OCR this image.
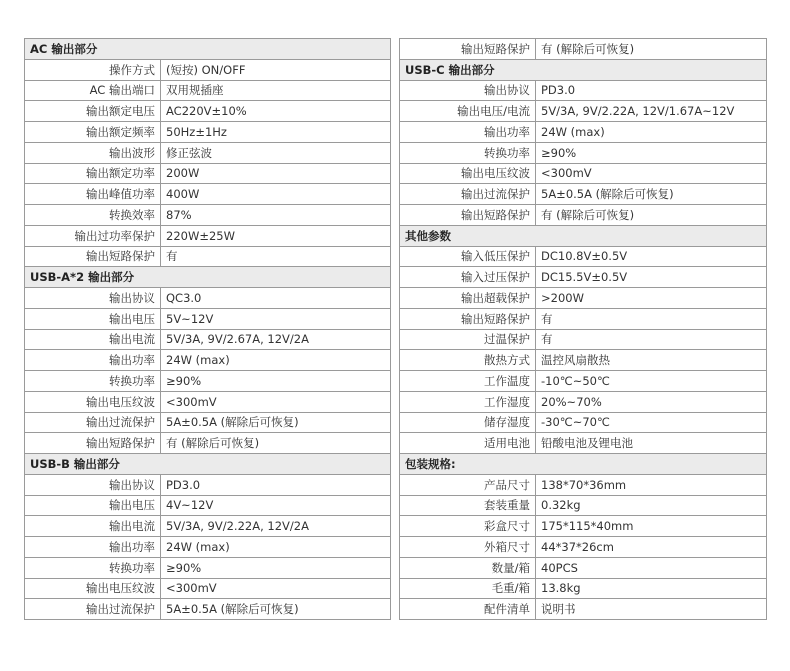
AC 输出部分	
操作方式	(短按) ON/OFF
AC 输出端口	双用规插座
输出额定电压	AC220V±10%
输出额定频率	50Hz±1Hz
输出波形	修正弦波
输出额定功率	200W
输出峰值功率	400W
转换效率	87%
输出过功率保护	220W±25W
输出短路保护	有
USB-A*2 输出部分	
输出协议	QC3.0
输出电压	5V~12V
输出电流	5V/3A, 9V/2.67A, 12V/2A
输出功率	24W (max)
转换功率	≥90%
输出电压纹波	<300mV
输出过流保护	5A±0.5A (解除后可恢复)
输出短路保护	有 (解除后可恢复)
USB-B 输出部分	
输出协议	PD3.0
输出电压	4V~12V
输出电流	5V/3A, 9V/2.22A, 12V/2A
输出功率	24W (max)
转换功率	≥90%
输出电压纹波	<300mV
输出过流保护	5A±0.5A (解除后可恢复)
输出短路保护	有 (解除后可恢复)
USB-C 输出部分	
输出协议	PD3.0
输出电压/电流	5V/3A, 9V/2.22A, 12V/1.67A~12V
输出功率	24W (max)
转换功率	≥90%
输出电压纹波	<300mV
输出过流保护	5A±0.5A (解除后可恢复)
输出短路保护	有 (解除后可恢复)
其他参数	
输入低压保护	DC10.8V±0.5V
输入过压保护	DC15.5V±0.5V
输出超载保护	>200W
输出短路保护	有
过温保护	有
散热方式	温控风扇散热
工作温度	-10℃~50℃
工作湿度	20%~70%
储存湿度	-30℃~70℃
适用电池	铅酸电池及锂电池
包装规格:	
产品尺寸	138*70*36mm
套装重量	0.32kg
彩盒尺寸	175*115*40mm
外箱尺寸	44*37*26cm
数量/箱	40PCS
毛重/箱	13.8kg
配件清单	说明书
